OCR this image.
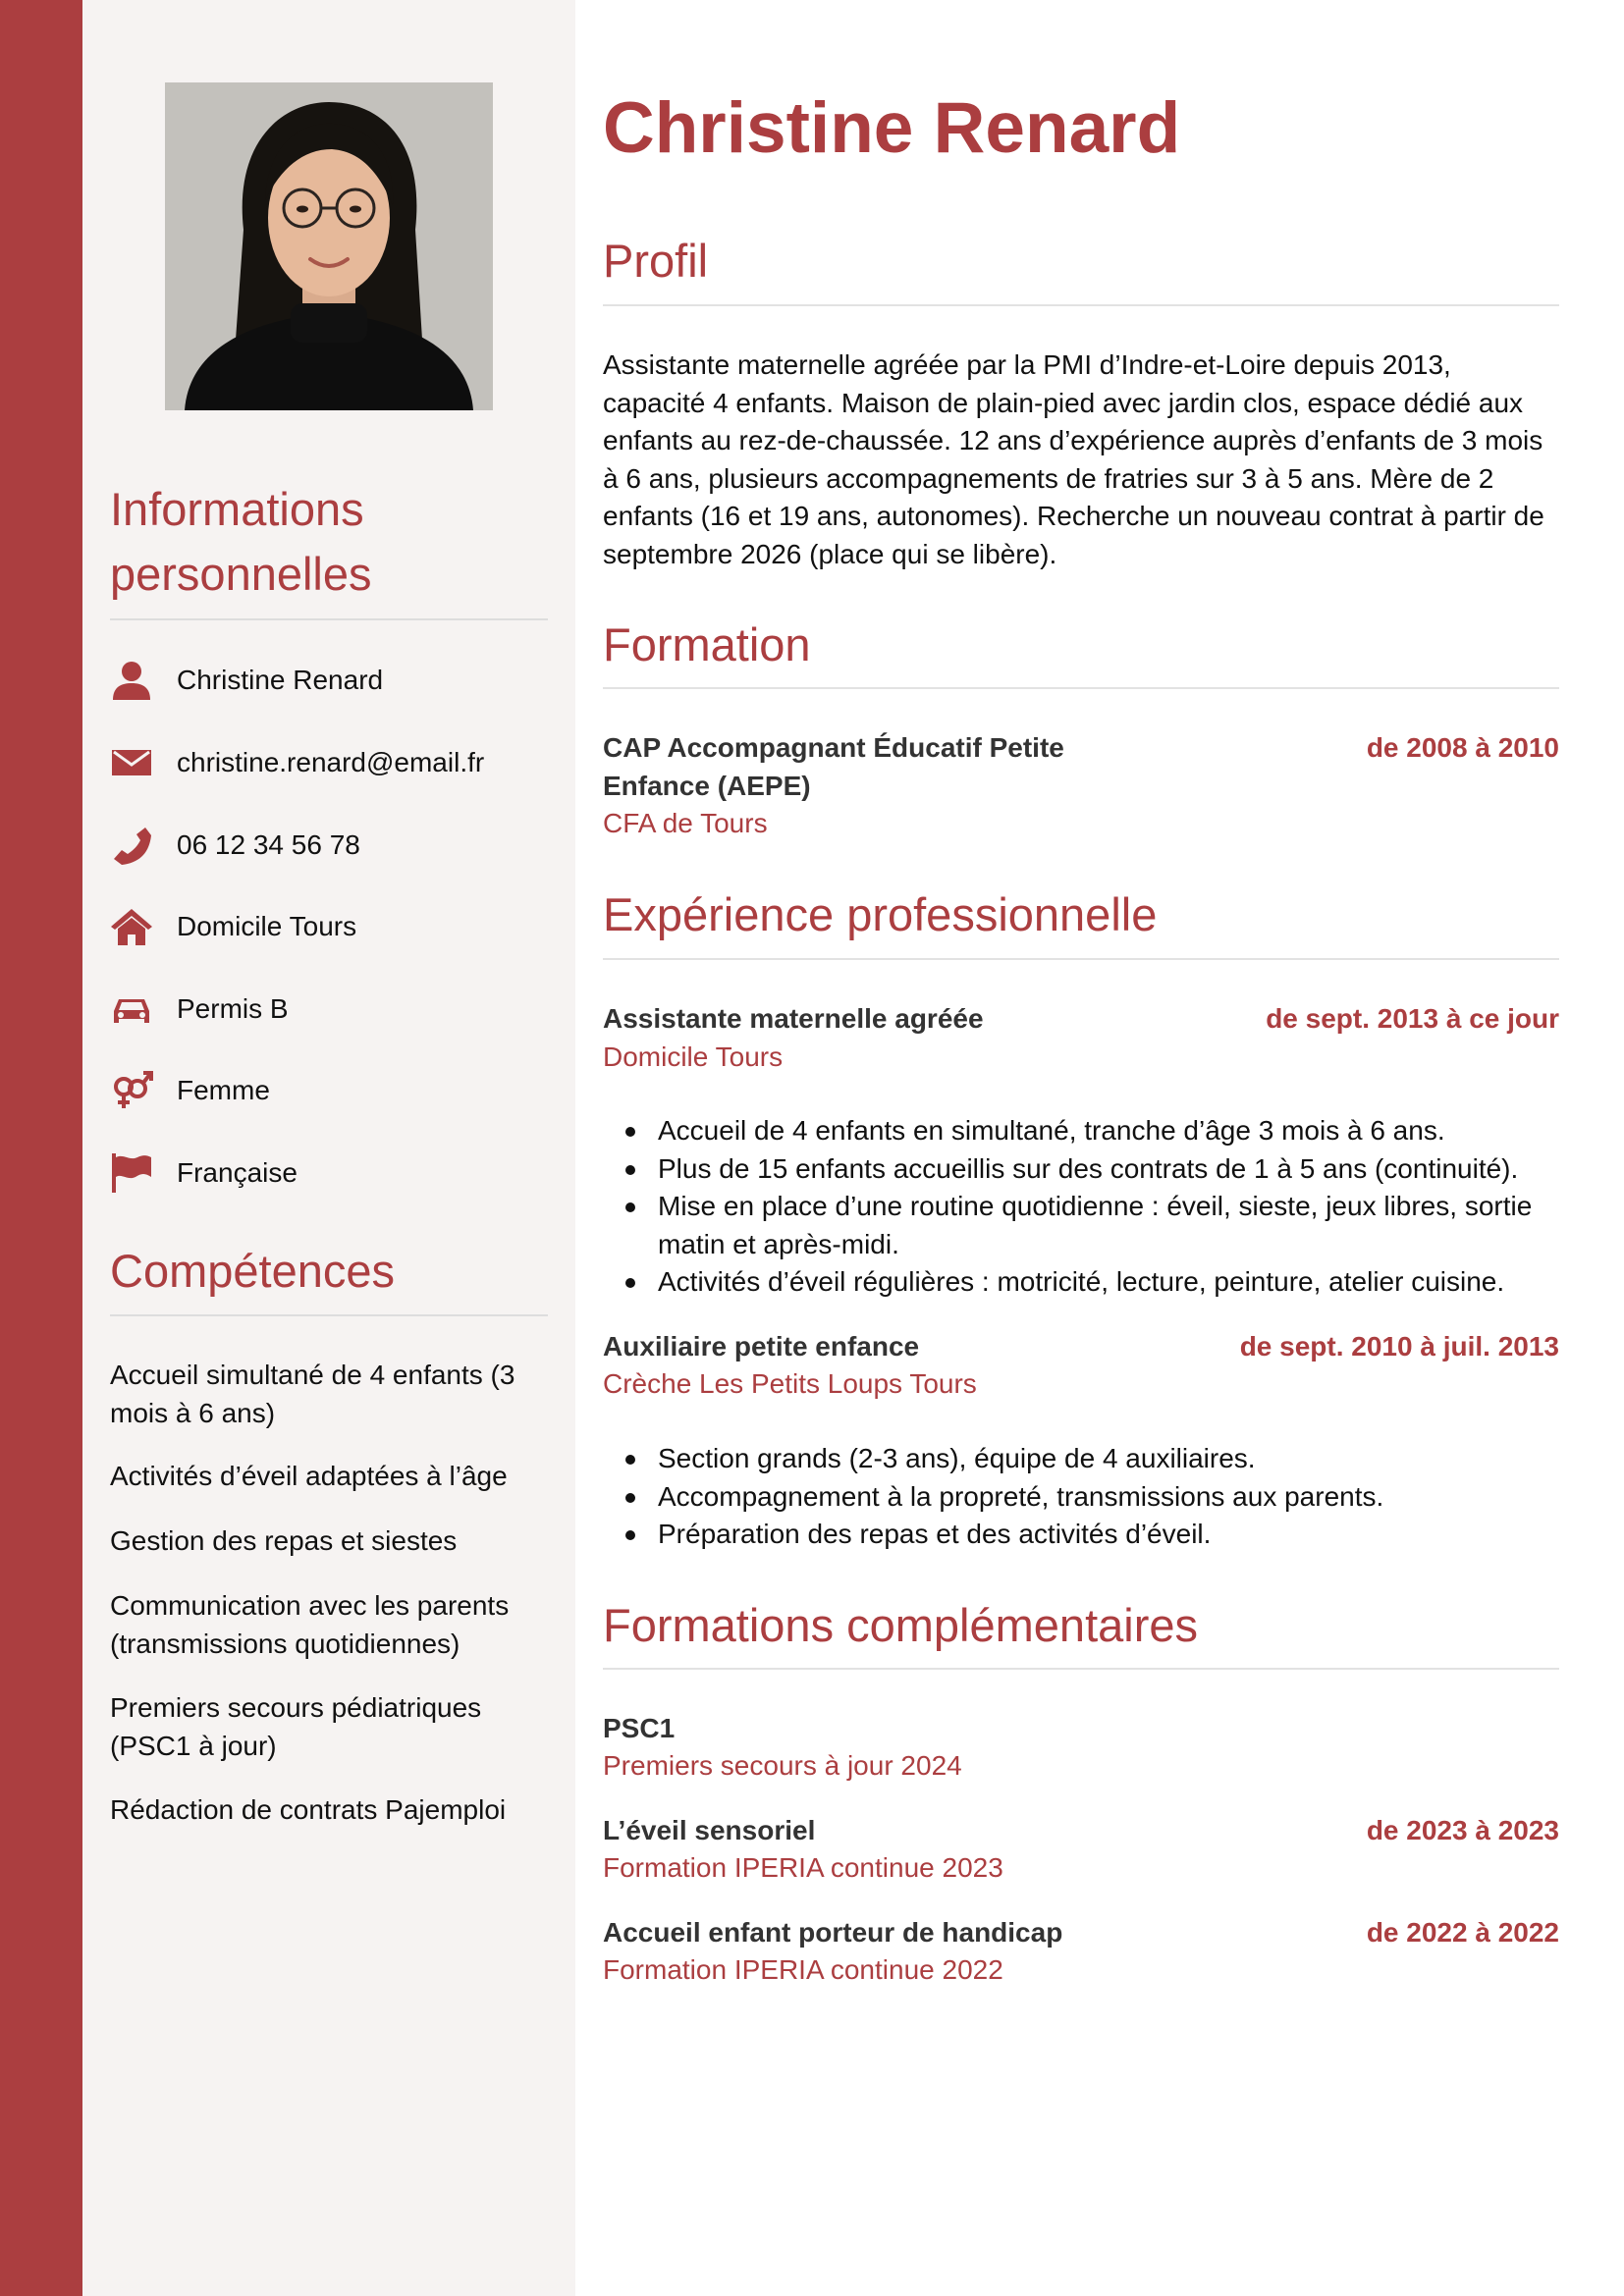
Informations personnelles
Christine Renard
christine.renard@email.fr
06 12 34 56 78
Domicile Tours
Permis B
Femme
Française
Compétences

Accueil simultané de 4 enfants (3 mois à 6 ans)

Activités d’éveil adaptées à l’âge

Gestion des repas et siestes

Communication avec les parents (transmissions quotidiennes)

Premiers secours pédiatriques (PSC1 à jour)

Rédaction de contrats Pajemploi

Christine Renard
Profil

Assistante maternelle agréée par la PMI d’Indre-et-Loire depuis 2013, capacité 4 enfants. Maison de plain-pied avec jardin clos, espace dédié aux enfants au rez-de-chaussée. 12 ans d’expérience auprès d’enfants de 3 mois à 6 ans, plusieurs accompagnements de fratries sur 3 à 5 ans. Mère de 2 enfants (16 et 19 ans, autonomes). Recherche un nouveau contrat à partir de septembre 2026 (place qui se libère).

Formation
CAP Accompagnant Éducatif Petite Enfance (AEPE)
de 2008 à 2010
CFA de Tours
Expérience professionnelle
Assistante maternelle agréée	de sept. 2013 à ce jour
Domicile Tours
Accueil de 4 enfants en simultané, tranche d’âge 3 mois à 6 ans.
Plus de 15 enfants accueillis sur des contrats de 1 à 5 ans (continuité).
Mise en place d’une routine quotidienne : éveil, sieste, jeux libres, sortie matin et après-midi.
Activités d’éveil régulières : motricité, lecture, peinture, atelier cuisine.
Auxiliaire petite enfance	de sept. 2010 à juil. 2013
Crèche Les Petits Loups Tours
Section grands (2-3 ans), équipe de 4 auxiliaires.
Accompagnement à la propreté, transmissions aux parents.
Préparation des repas et des activités d’éveil.
Formations complémentaires
PSC1
Premiers secours à jour 2024
L’éveil sensoriel	de 2023 à 2023
Formation IPERIA continue 2023
Accueil enfant porteur de handicap	de 2022 à 2022
Formation IPERIA continue 2022
